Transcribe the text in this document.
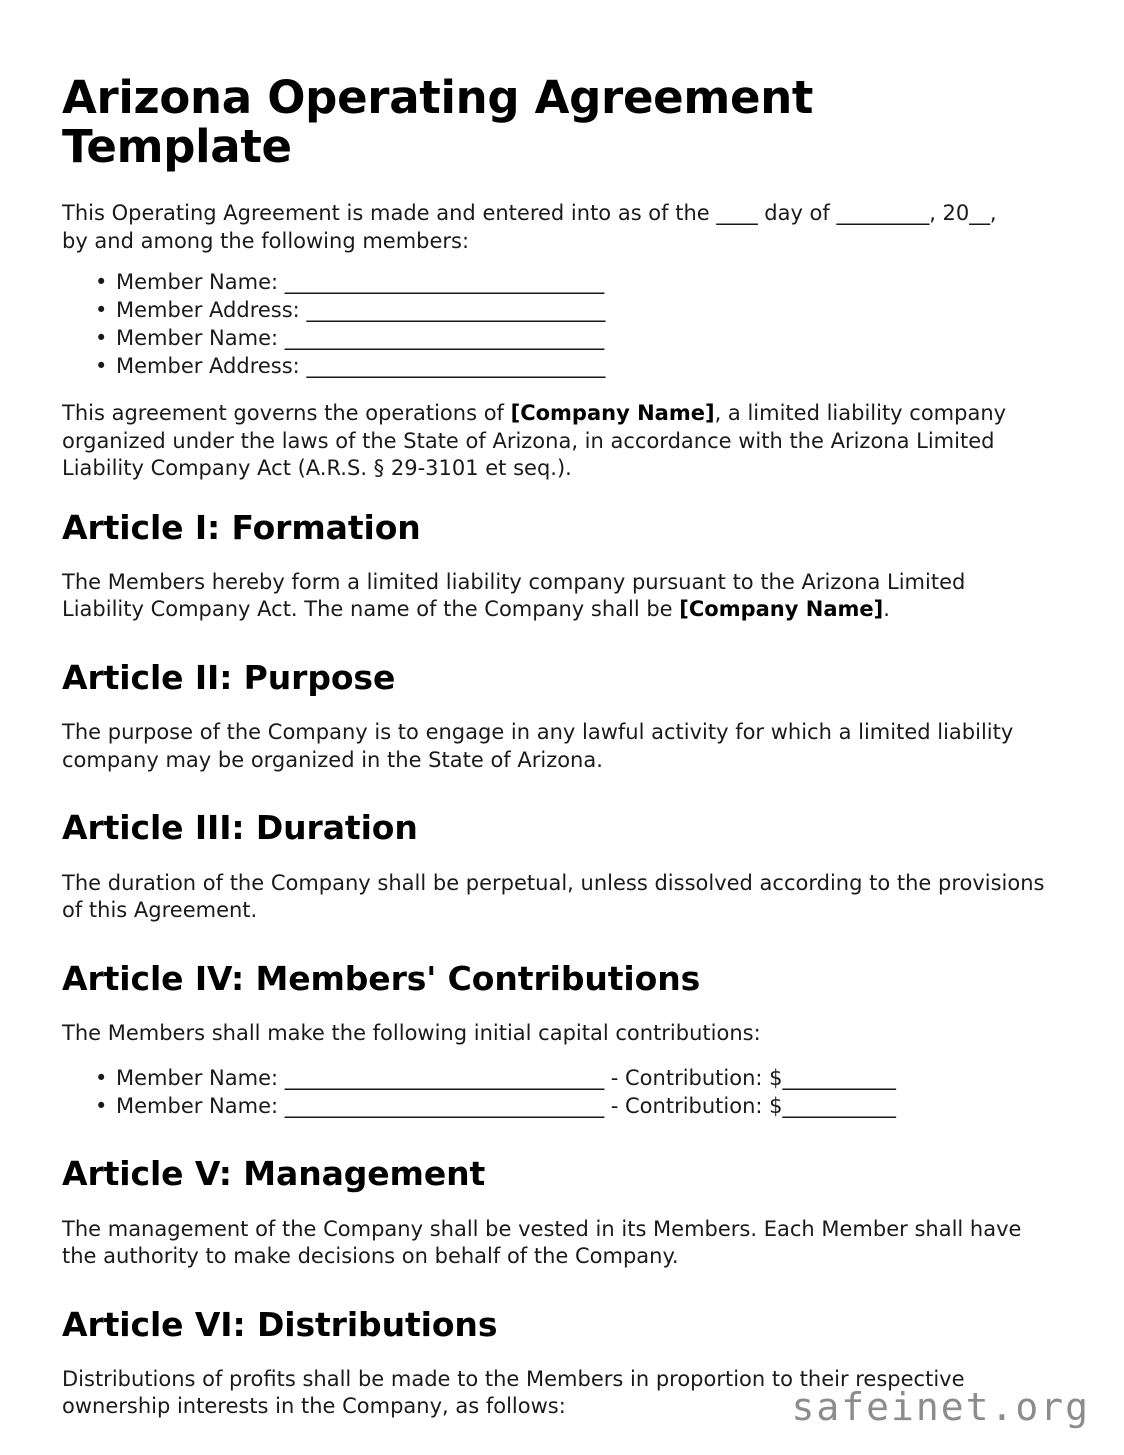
Arizona Operating Agreement Template

This Operating Agreement is made and entered into as of the ____ day of _________, 20__,
by and among the following members:

• Member Name: _______________________________
• Member Address: _____________________________
• Member Name: _______________________________
• Member Address: _____________________________

This agreement governs the operations of [Company Name], a limited liability company organized under the laws of the State of Arizona, in accordance with the Arizona Limited Liability Company Act (A.R.S. § 29-3101 et seq.).

Article I: Formation

The Members hereby form a limited liability company pursuant to the Arizona Limited Liability Company Act. The name of the Company shall be [Company Name].

Article II: Purpose

The purpose of the Company is to engage in any lawful activity for which a limited liability company may be organized in the State of Arizona.

Article III: Duration

The duration of the Company shall be perpetual, unless dissolved according to the provisions of this Agreement.

Article IV: Members' Contributions

The Members shall make the following initial capital contributions:

• Member Name: _______________________________ - Contribution: $___________
• Member Name: _______________________________ - Contribution: $___________
Article V: Management

The management of the Company shall be vested in its Members. Each Member shall have the authority to make decisions on behalf of the Company.

Article VI: Distributions

Distributions of profits shall be made to the Members in proportion to their respective ownership interests in the Company, as follows:	safeinet.org
